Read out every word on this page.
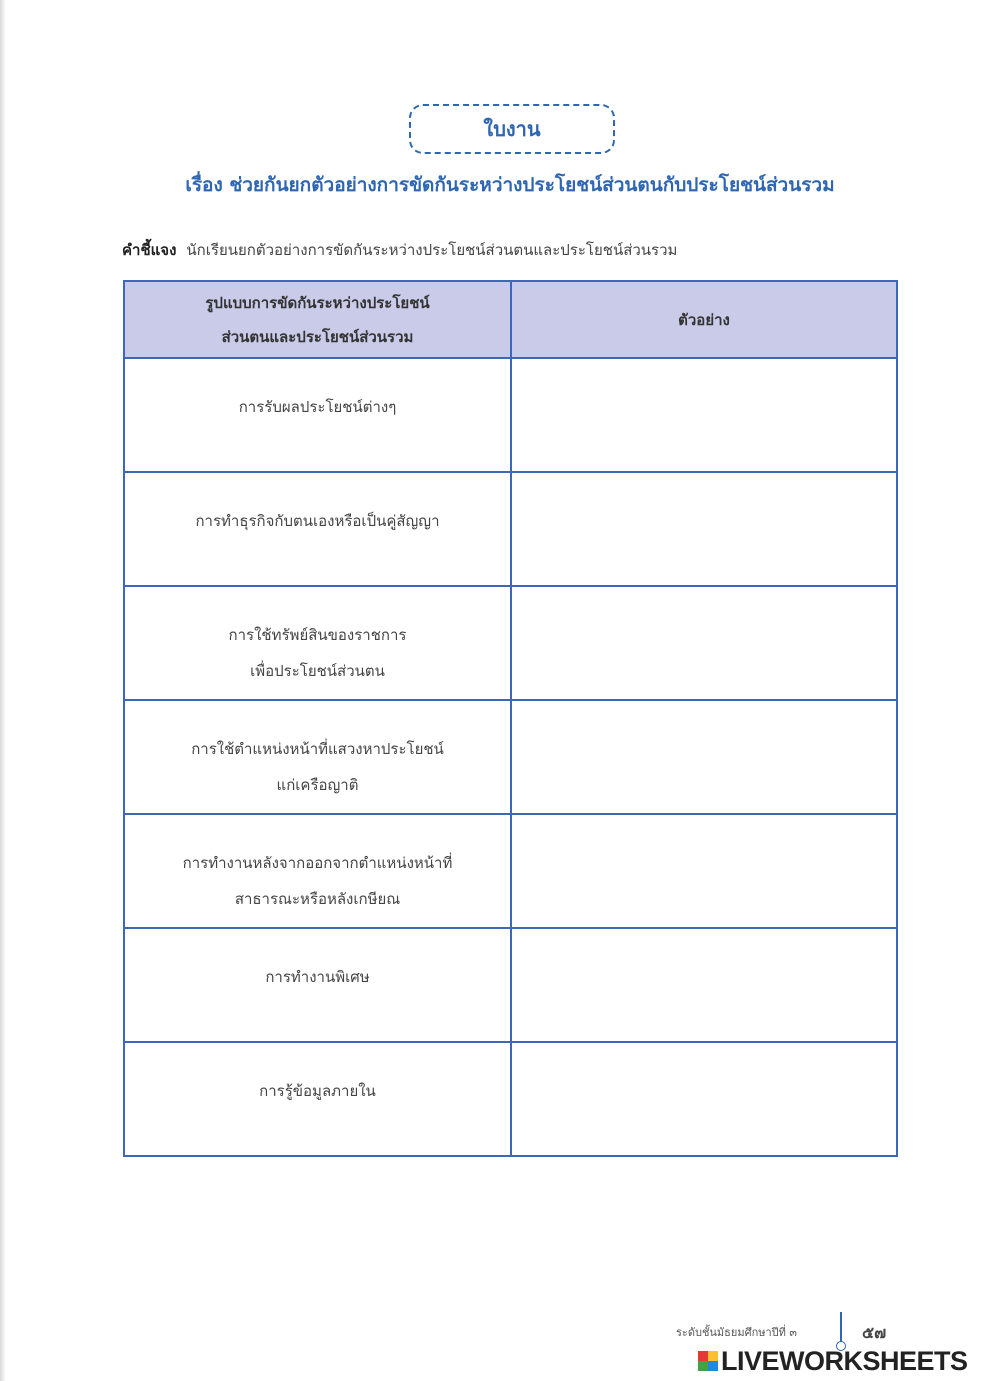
ใบงาน
เรื่อง ช่วยกันยกตัวอย่างการขัดกันระหว่างประโยชน์ส่วนตนกับประโยชน์ส่วนรวม
คำชี้แจง นักเรียนยกตัวอย่างการขัดกันระหว่างประโยชน์ส่วนตนและประโยชน์ส่วนรวม
รูปแบบการขัดกันระหว่างประโยชน์
ส่วนตนและประโยชน์ส่วนรวม	ตัวอย่าง

การรับผลประโยชน์ต่างๆ	

การทำธุรกิจกับตนเองหรือเป็นคู่สัญญา	

การใช้ทรัพย์สินของราชการ
เพื่อประโยชน์ส่วนตน	

การใช้ตำแหน่งหน้าที่แสวงหาประโยชน์
แก่เครือญาติ	

การทำงานหลังจากออกจากตำแหน่งหน้าที่
สาธารณะหรือหลังเกษียณ	

การทำงานพิเศษ	

การรู้ข้อมูลภายใน	

ระดับชั้นมัธยมศึกษาปีที่ ๓	๕๗
LIVEWORKSHEETS
